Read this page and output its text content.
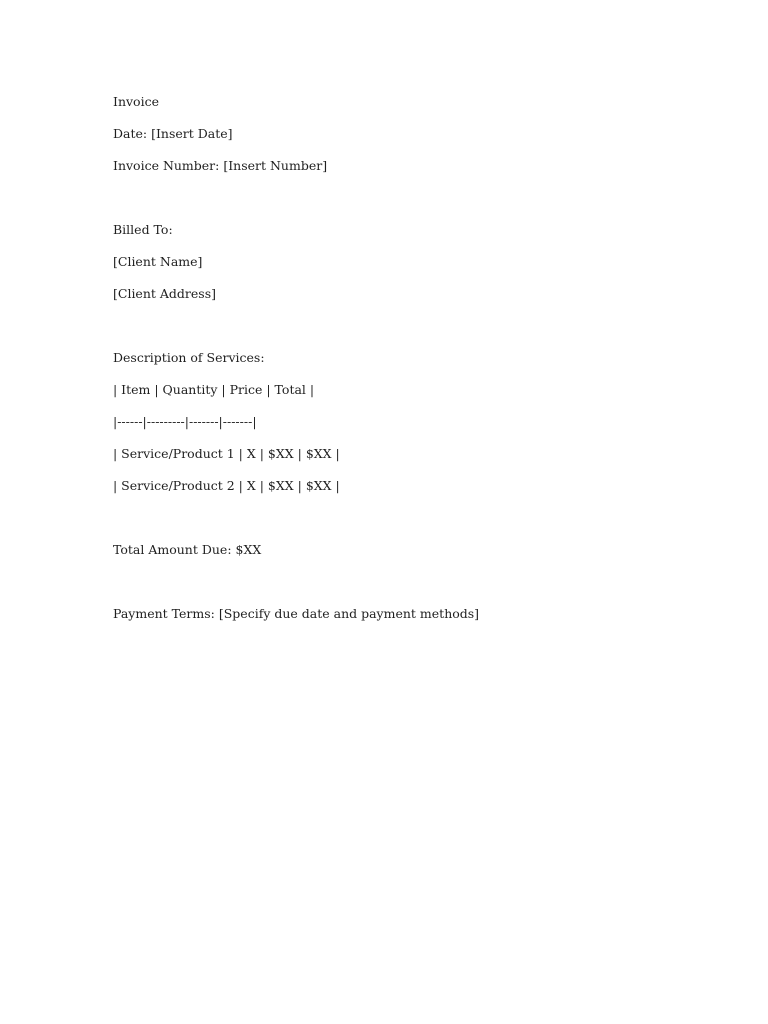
Invoice
Date: [Insert Date]
Invoice Number: [Insert Number]
Billed To:
[Client Name]
[Client Address]
Description of Services:
| Item | Quantity | Price | Total |
|------|---------|-------|-------|
| Service/Product 1 | X | $XX | $XX |
| Service/Product 2 | X | $XX | $XX |
Total Amount Due: $XX
Payment Terms: [Specify due date and payment methods]
